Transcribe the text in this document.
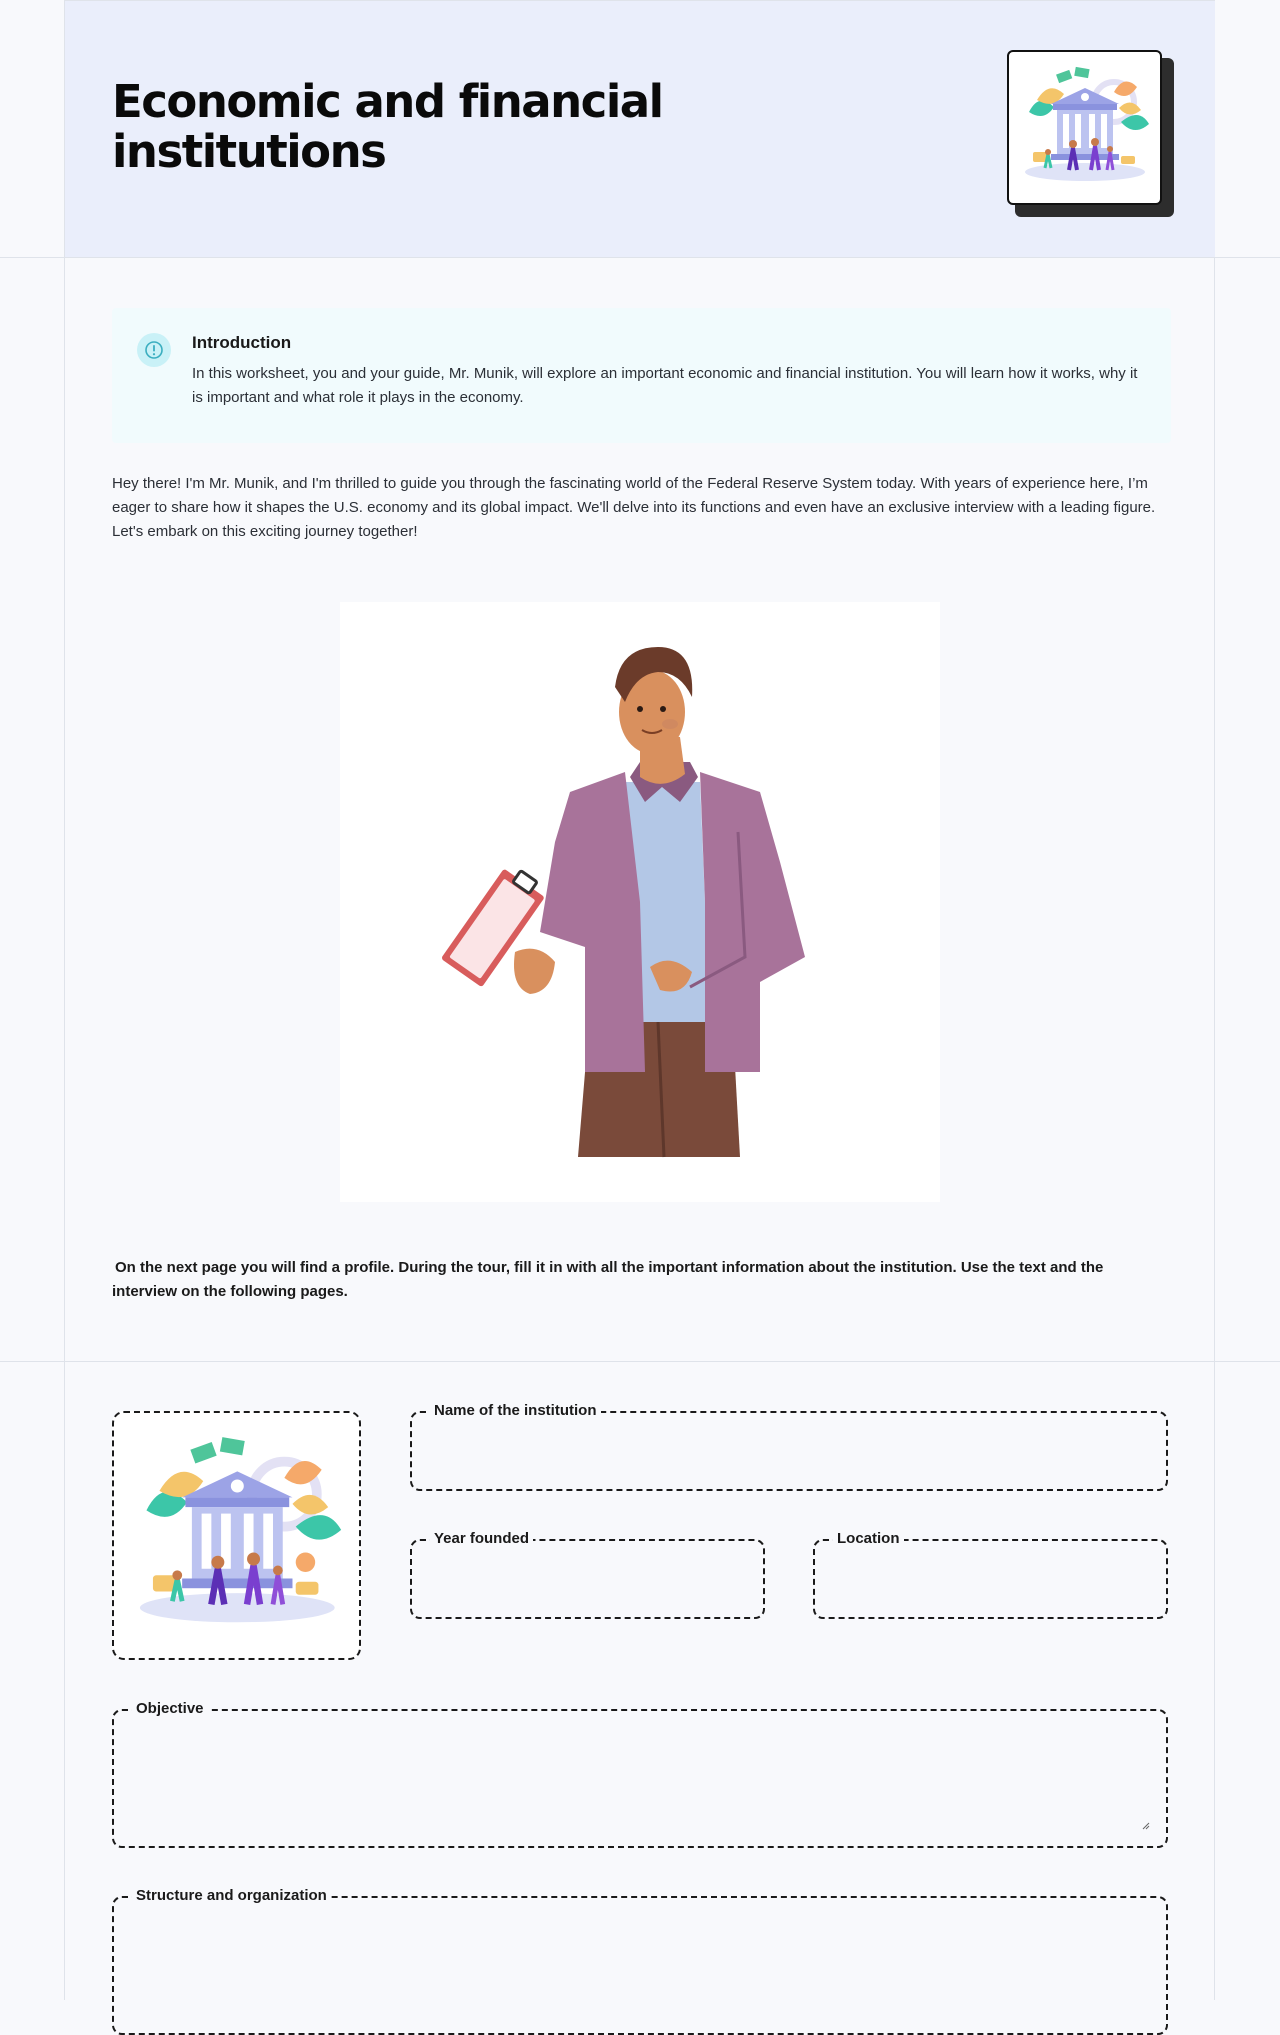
Economic and financial institutions
Introduction

In this worksheet, you and your guide, Mr. Munik, will explore an important economic and financial institution. You will learn how it works, why it is important and what role it plays in the economy.

Hey there! I'm Mr. Munik, and I'm thrilled to guide you through the fascinating world of the Federal Reserve System today. With years of experience here, I’m eager to share how it shapes the U.S. economy and its global impact. We'll delve into its functions and even have an exclusive interview with a leading figure. Let's embark on this exciting journey together!

On the next page you will find a profile. During the tour, fill it in with all the important information about the institution. Use the text and the interview on the following pages.

Name of the institution
Year founded	Location
Objective
Structure and organization
